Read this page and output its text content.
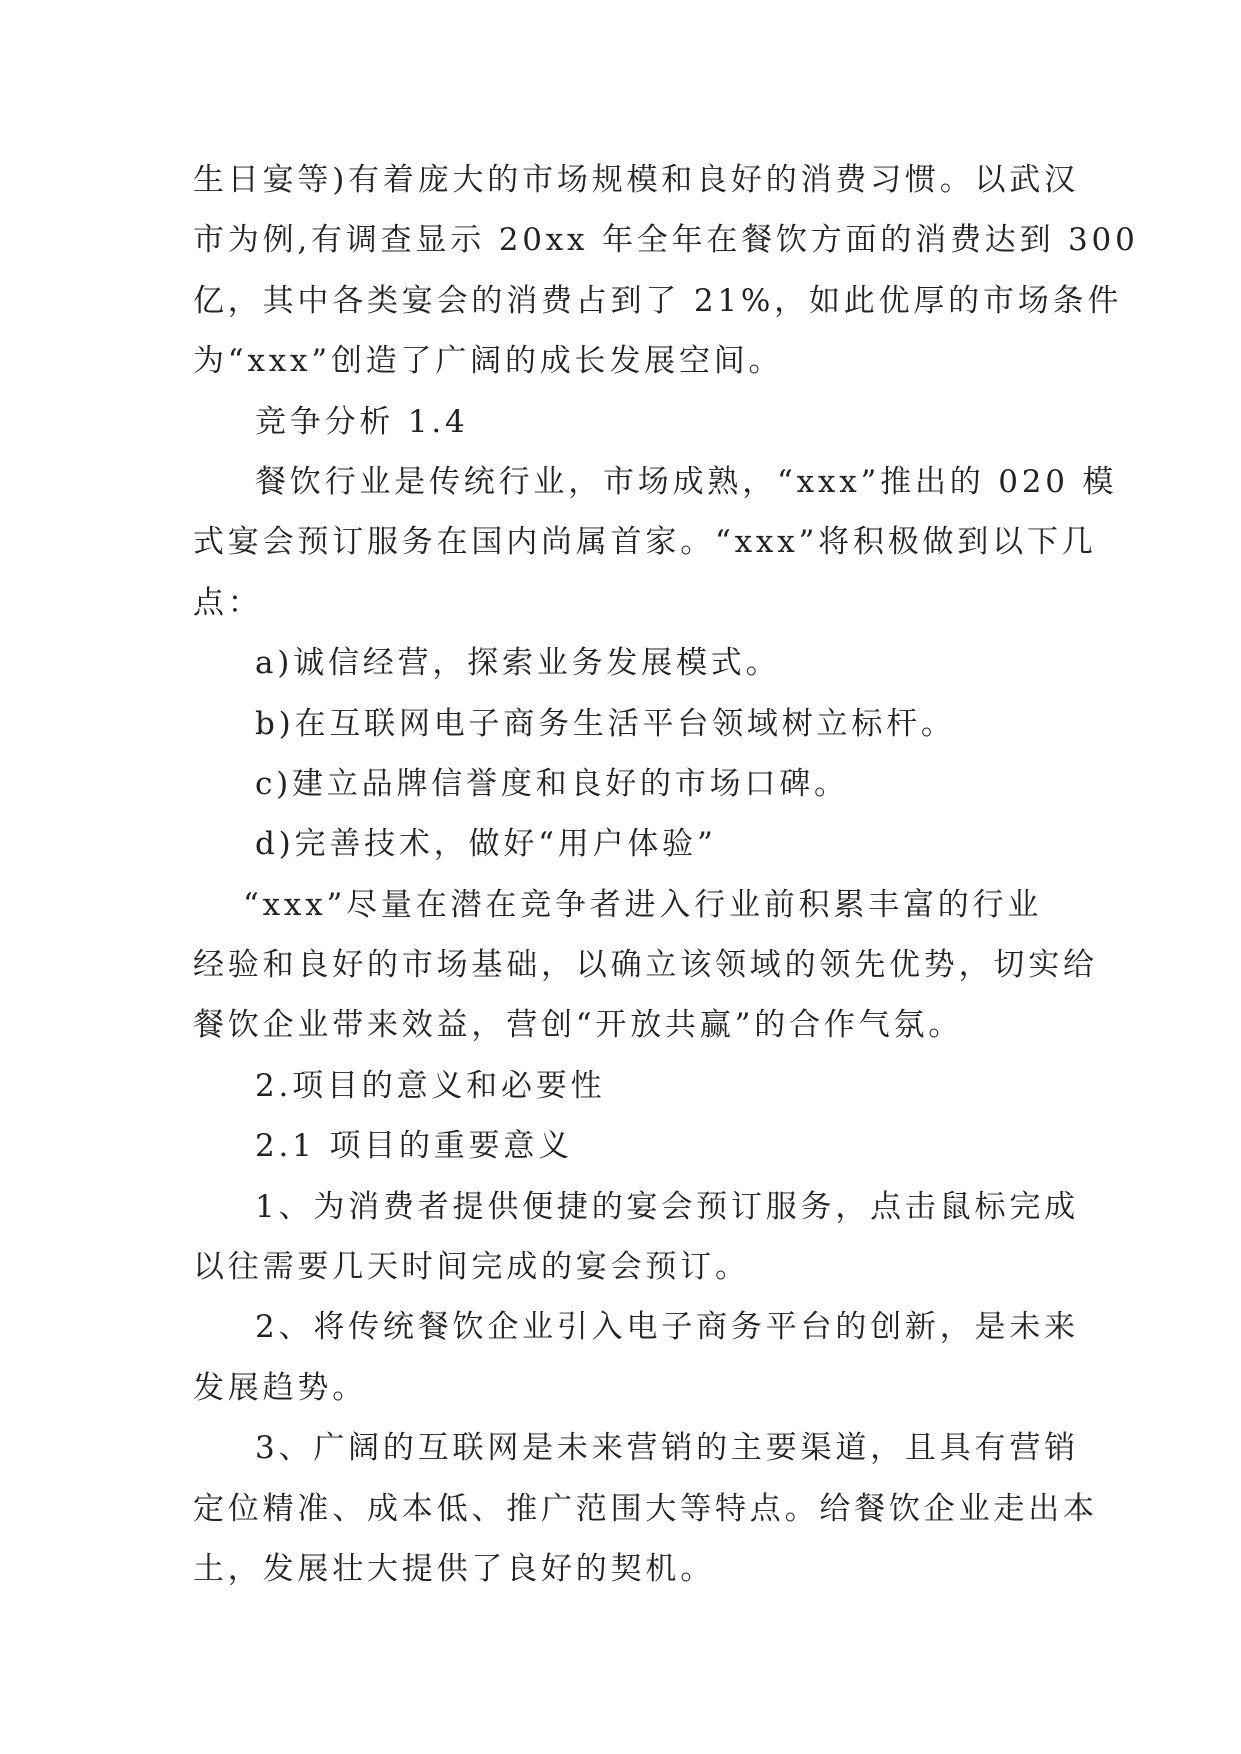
生日宴等)有着庞大的市场规模和良好的消费习惯。以武汉
市为例,有调查显示 20xx 年全年在餐饮方面的消费达到 300
亿，其中各类宴会的消费占到了 21%，如此优厚的市场条件
为“xxx”创造了广阔的成长发展空间。
竞争分析 1.4
餐饮行业是传统行业，市场成熟，“xxx”推出的 020 模
式宴会预订服务在国内尚属首家。“xxx”将积极做到以下几
点：
a)诚信经营，探索业务发展模式。
b)在互联网电子商务生活平台领域树立标杆。
c)建立品牌信誉度和良好的市场口碑。
d)完善技术，做好“用户体验”
“xxx”尽量在潜在竞争者进入行业前积累丰富的行业
经验和良好的市场基础，以确立该领域的领先优势，切实给
餐饮企业带来效益，营创“开放共赢”的合作气氛。
2.项目的意义和必要性
2.1 项目的重要意义
1、为消费者提供便捷的宴会预订服务，点击鼠标完成
以往需要几天时间完成的宴会预订。
2、将传统餐饮企业引入电子商务平台的创新，是未来
发展趋势。
3、广阔的互联网是未来营销的主要渠道，且具有营销
定位精准、成本低、推广范围大等特点。给餐饮企业走出本
土，发展壮大提供了良好的契机。
